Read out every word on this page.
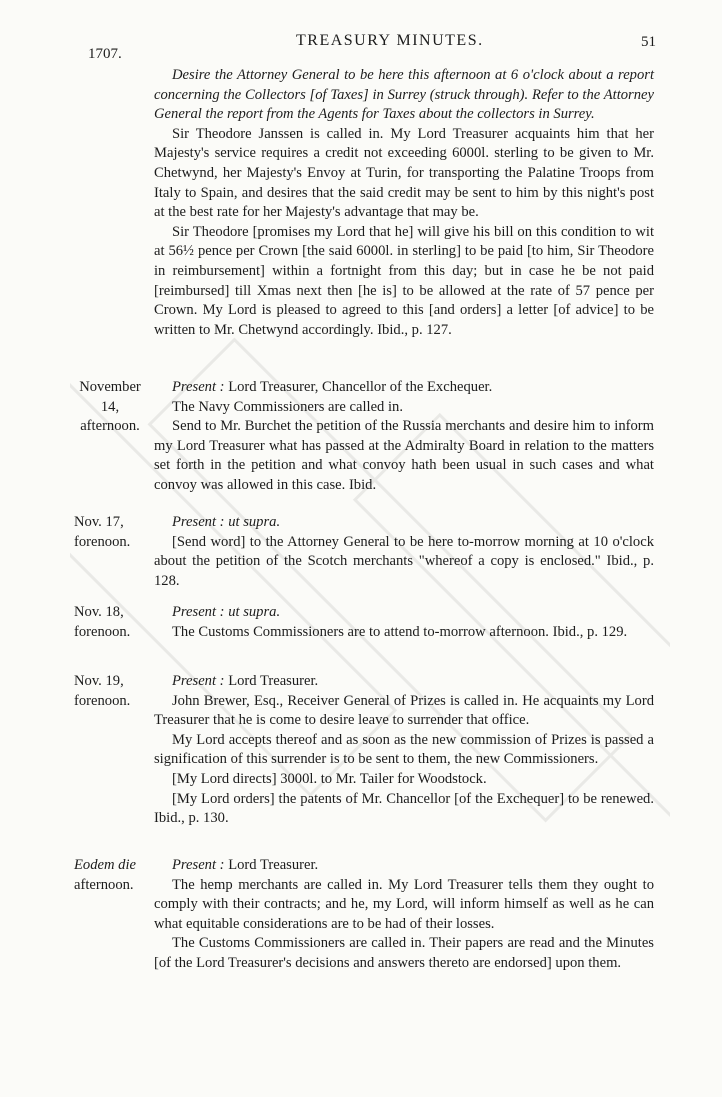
1707.
TREASURY MINUTES.	51

Desire the Attorney General to be here this afternoon at 6 o'clock about a report concerning the Collectors [of Taxes] in Surrey (struck through). Refer to the Attorney General the report from the Agents for Taxes about the collectors in Surrey.

Sir Theodore Janssen is called in. My Lord Treasurer acquaints him that her Majesty's service requires a credit not exceeding 6000l. sterling to be given to Mr. Chetwynd, her Majesty's Envoy at Turin, for transporting the Palatine Troops from Italy to Spain, and desires that the said credit may be sent to him by this night's post at the best rate for her Majesty's advantage that may be.

Sir Theodore [promises my Lord that he] will give his bill on this condition to wit at 56½ pence per Crown [the said 6000l. in sterling] to be paid [to him, Sir Theodore in reimbursement] within a fortnight from this day; but in case he be not paid [reimbursed] till Xmas next then [he is] to be allowed at the rate of 57 pence per Crown. My Lord is pleased to agreed to this [and orders] a letter [of advice] to be written to Mr. Chetwynd accordingly. Ibid., p. 127.

November
14,
afternoon.

Present : Lord Treasurer, Chancellor of the Exchequer.

The Navy Commissioners are called in.

Send to Mr. Burchet the petition of the Russia merchants and desire him to inform my Lord Treasurer what has passed at the Admiralty Board in relation to the matters set forth in the petition and what convoy hath been usual in such cases and what convoy was allowed in this case. Ibid.

Nov. 17,
forenoon.

Present : ut supra.

[Send word] to the Attorney General to be here to-morrow morning at 10 o'clock about the petition of the Scotch merchants "whereof a copy is enclosed." Ibid., p. 128.

Nov. 18,
forenoon.

Present : ut supra.

The Customs Commissioners are to attend to-morrow afternoon. Ibid., p. 129.

Nov. 19,
forenoon.

Present : Lord Treasurer.

John Brewer, Esq., Receiver General of Prizes is called in. He acquaints my Lord Treasurer that he is come to desire leave to surrender that office.

My Lord accepts thereof and as soon as the new commission of Prizes is passed a signification of this surrender is to be sent to them, the new Commissioners.

[My Lord directs] 3000l. to Mr. Tailer for Woodstock.

[My Lord orders] the patents of Mr. Chancellor [of the Exchequer] to be renewed. Ibid., p. 130.

Eodem die
afternoon.

Present : Lord Treasurer.

The hemp merchants are called in. My Lord Treasurer tells them they ought to comply with their contracts; and he, my Lord, will inform himself as well as he can what equitable considerations are to be had of their losses.

The Customs Commissioners are called in. Their papers are read and the Minutes [of the Lord Treasurer's decisions and answers thereto are endorsed] upon them.
